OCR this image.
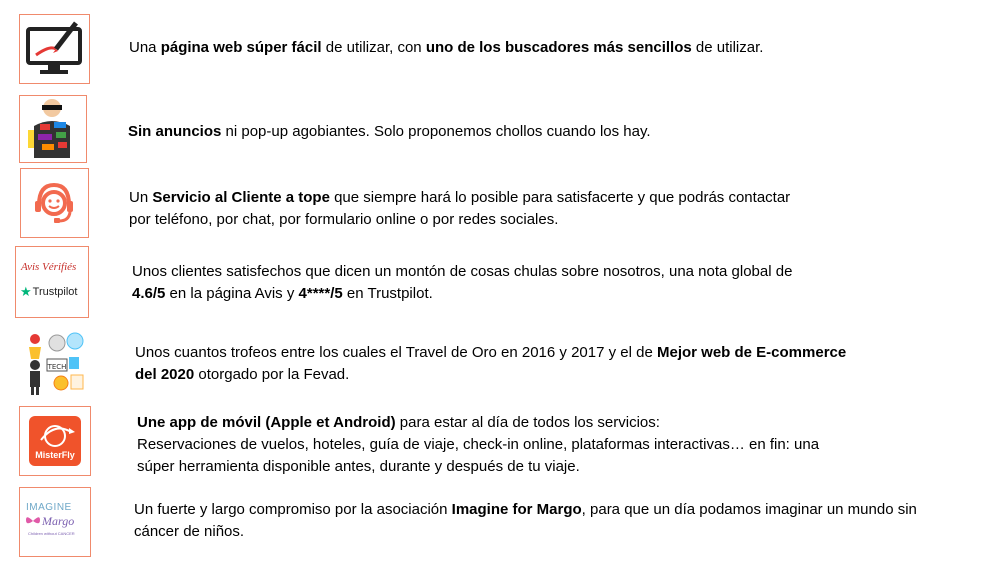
Una página web súper fácil de utilizar, con uno de los buscadores más sencillos de utilizar.
Sin anuncios ni pop-up agobiantes. Solo proponemos chollos cuando los hay.
Un Servicio al Cliente a tope que siempre hará lo posible para satisfacerte y que podrás contactar
por teléfono, por chat, por formulario online o por redes sociales.
Avis Vérifiés
★ Trustpilot
Unos clientes satisfechos que dicen un montón de cosas chulas sobre nosotros, una nota global de
4.6/5 en la página Avis y 4****/5 en Trustpilot.
TECH
Unos cuantos trofeos entre los cuales el Travel de Oro en 2016 y 2017 y el de Mejor web de E-commerce
del 2020 otorgado por la Fevad.
MisterFly
Une app de móvil (Apple et Android) para estar al día de todos los servicios:
Reservaciones de vuelos, hoteles, guía de viaje, check-in online, plataformas interactivas… en fin: una
súper herramienta disponible antes, durante y después de tu viaje.
IMAGINE
Margo
Children without CANCER
Un fuerte y largo compromiso por la asociación Imagine for Margo, para que un día podamos imaginar un mundo sin
cáncer de niños.
